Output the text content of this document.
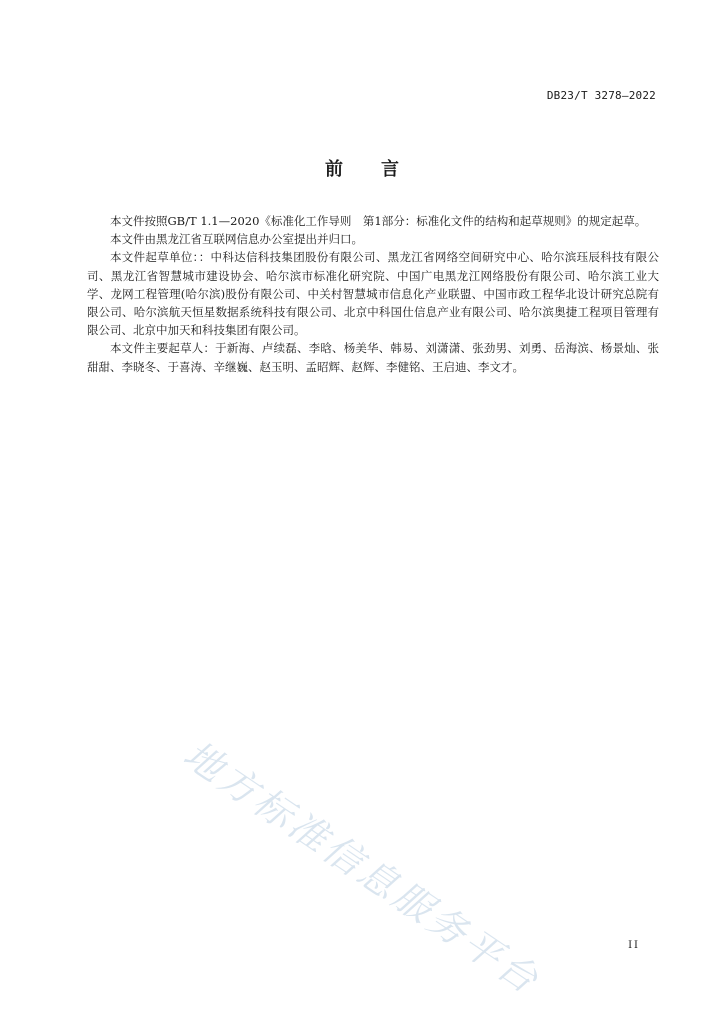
DB23/T 3278—2022
前言

本文件按照GB/T 1.1—2020《标准化工作导则　第1部分：标准化文件的结构和起草规则》的规定起草。

本文件由黑龙江省互联网信息办公室提出并归口。

本文件起草单位：：中科达信科技集团股份有限公司、黑龙江省网络空间研究中心、哈尔滨珏辰科技有限公司、黑龙江省智慧城市建设协会、哈尔滨市标准化研究院、中国广电黑龙江网络股份有限公司、哈尔滨工业大学、龙网工程管理(哈尔滨)股份有限公司、中关村智慧城市信息化产业联盟、中国市政工程华北设计研究总院有限公司、哈尔滨航天恒星数据系统科技有限公司、北京中科国仕信息产业有限公司、哈尔滨奥捷工程项目管理有限公司、北京中加天和科技集团有限公司。

本文件主要起草人：于新海、卢续磊、李晗、杨美华、韩易、刘潇潇、张劲男、刘勇、岳海滨、杨景灿、张甜甜、李晓冬、于喜涛、辛继巍、赵玉明、孟昭辉、赵辉、李健铭、王启迪、李文才。

地方标准信息服务平台	II
